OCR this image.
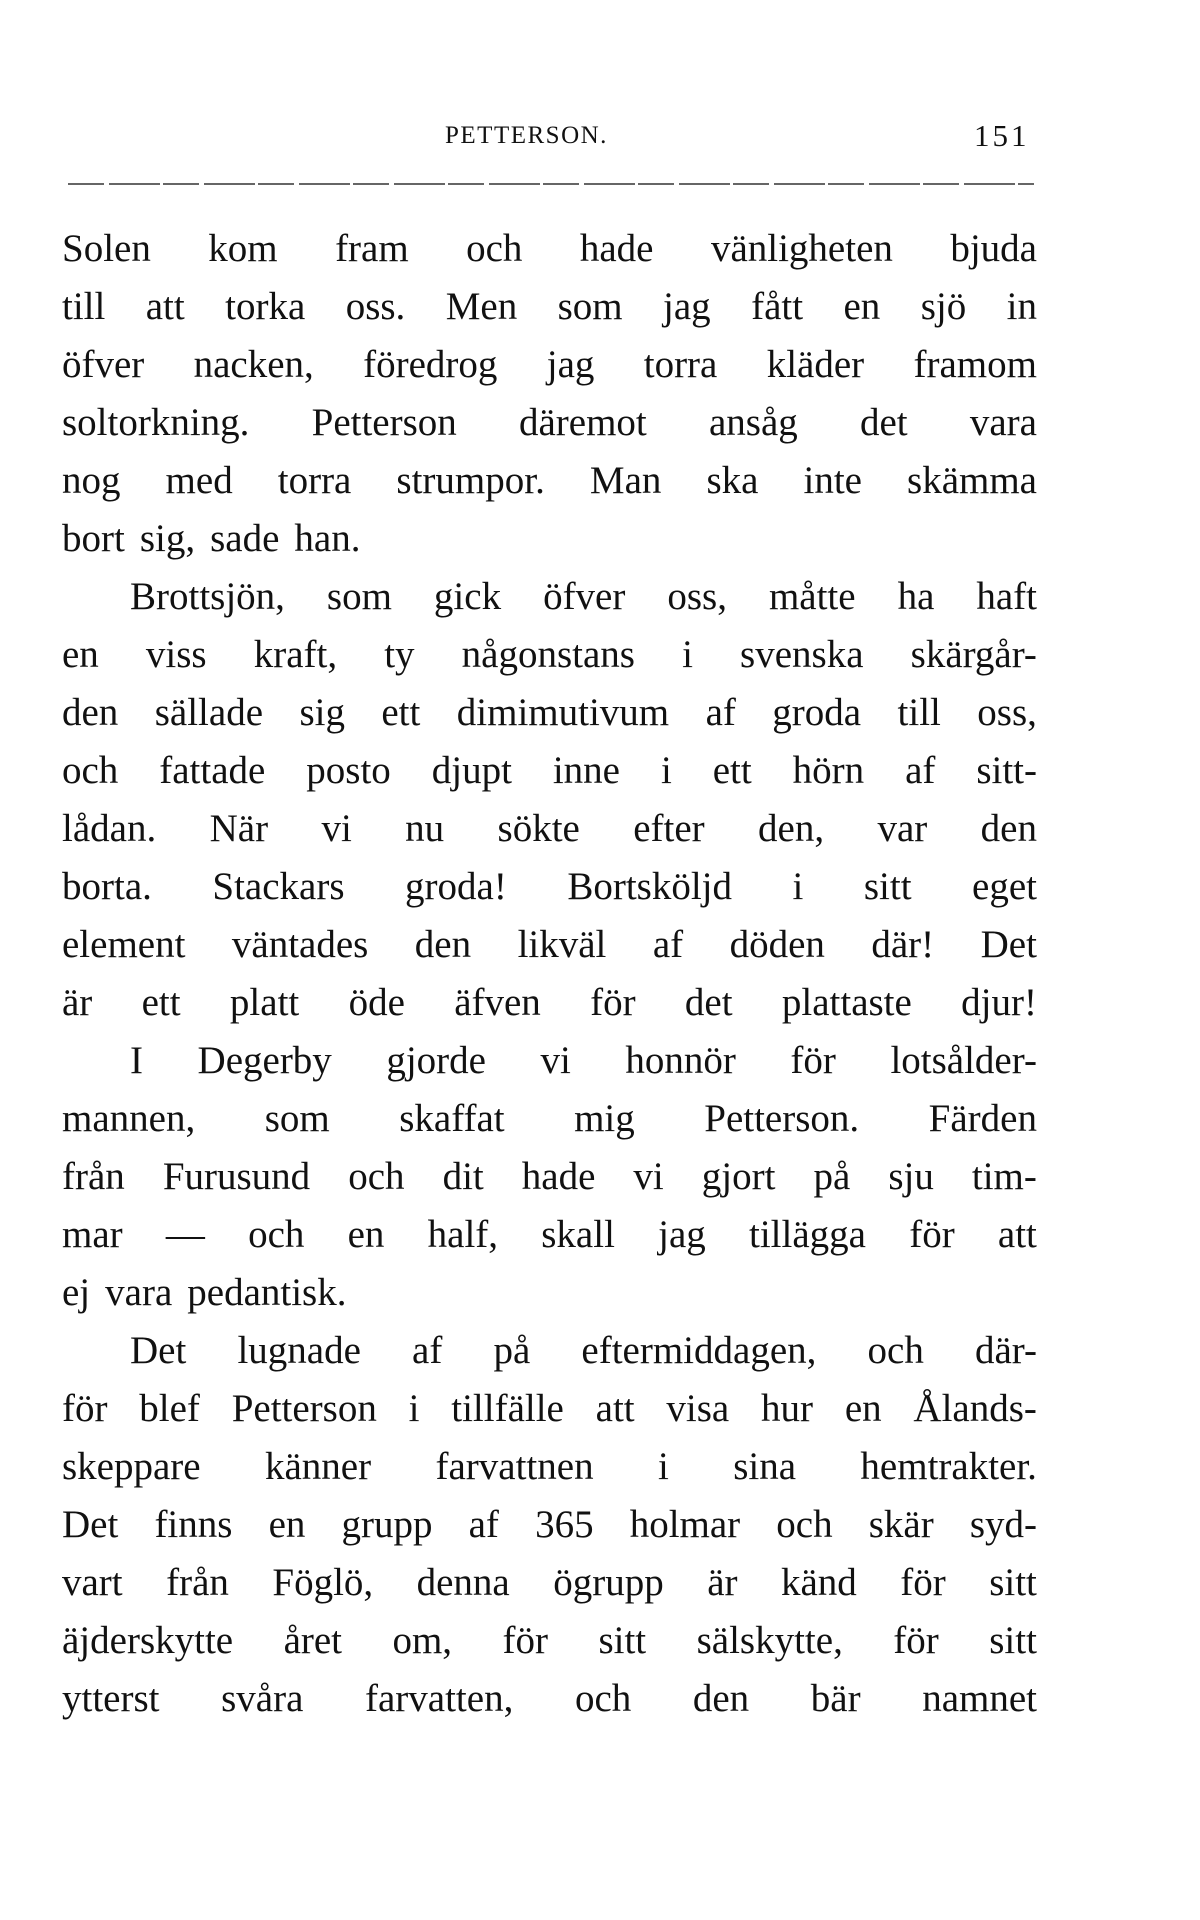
PETTERSON.	151
Solen kom fram och hade vänligheten bjuda
till att torka oss. Men som jag fått en sjö in
öfver nacken, föredrog jag torra kläder framom
soltorkning. Petterson däremot ansåg det vara
nog med torra strumpor. Man ska inte skämma
bort sig, sade han.
Brottsjön, som gick öfver oss, måtte ha haft
en viss kraft, ty någonstans i svenska skärgår-
den sällade sig ett dimimutivum af groda till oss,
och fattade posto djupt inne i ett hörn af sitt-
lådan. När vi nu sökte efter den, var den
borta. Stackars groda! Bortsköljd i sitt eget
element väntades den likväl af döden där! Det
är ett platt öde äfven för det plattaste djur!
I Degerby gjorde vi honnör för lotsålder-
mannen, som skaffat mig Petterson. Färden
från Furusund och dit hade vi gjort på sju tim-
mar — och en half, skall jag tillägga för att
ej vara pedantisk.
Det lugnade af på eftermiddagen, och där-
för blef Petterson i tillfälle att visa hur en Ålands-
skeppare känner farvattnen i sina hemtrakter.
Det finns en grupp af 365 holmar och skär syd-
vart från Föglö, denna ögrupp är känd för sitt
äjderskytte året om, för sitt sälskytte, för sitt
ytterst svåra farvatten, och den bär namnet
